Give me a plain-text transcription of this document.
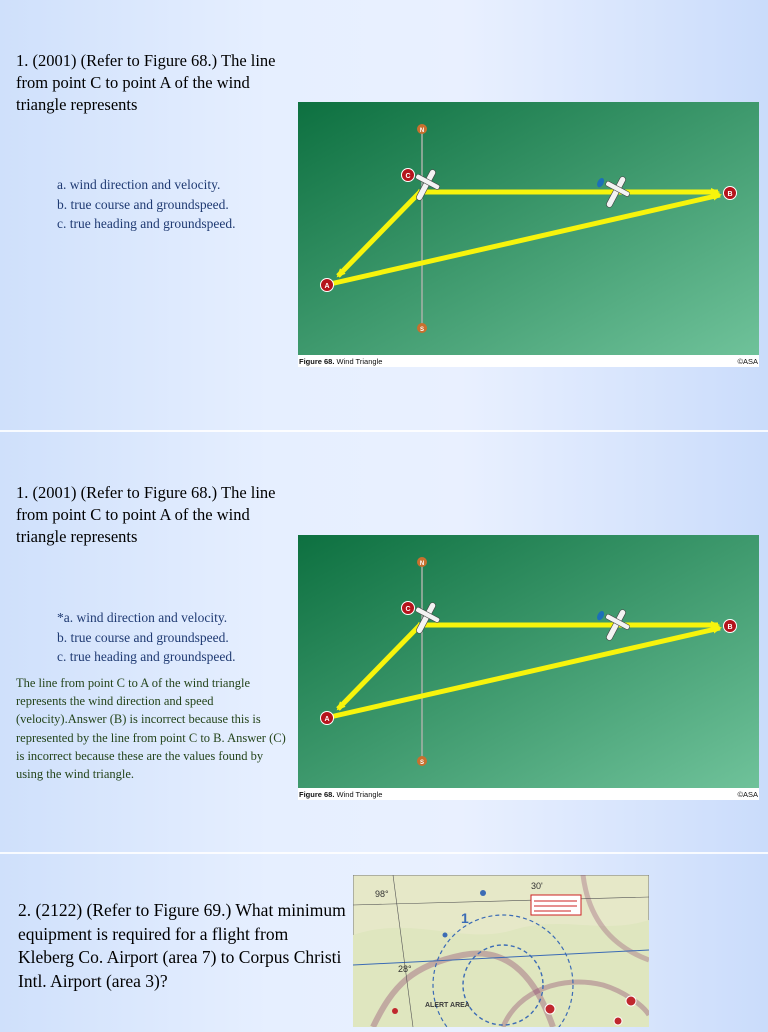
1. (2001) (Refer to Figure 68.) The line from point C to point A of the wind triangle represents
a. wind direction and velocity.
b. true course and groundspeed.
c. true heading and groundspeed.
N
S
C
B
A
Figure 68. Wind Triangle	©ASA
1. (2001) (Refer to Figure 68.) The line from point C to point A of the wind triangle represents
*a. wind direction and velocity.
b. true course and groundspeed.
c. true heading and groundspeed.
The line from point C to A of the wind triangle represents the wind direction and speed (velocity).Answer (B) is incorrect because this is represented by the line from point C to B. Answer (C) is incorrect because these are the values found by using the wind triangle.
N
S
C
B
A
Figure 68. Wind Triangle	©ASA
2. (2122) (Refer to Figure 69.) What minimum equipment is required for a flight from Kleberg Co. Airport (area 7) to Corpus Christi Intl. Airport (area 3)?
98°
30'
28°
1
ALERT AREA
